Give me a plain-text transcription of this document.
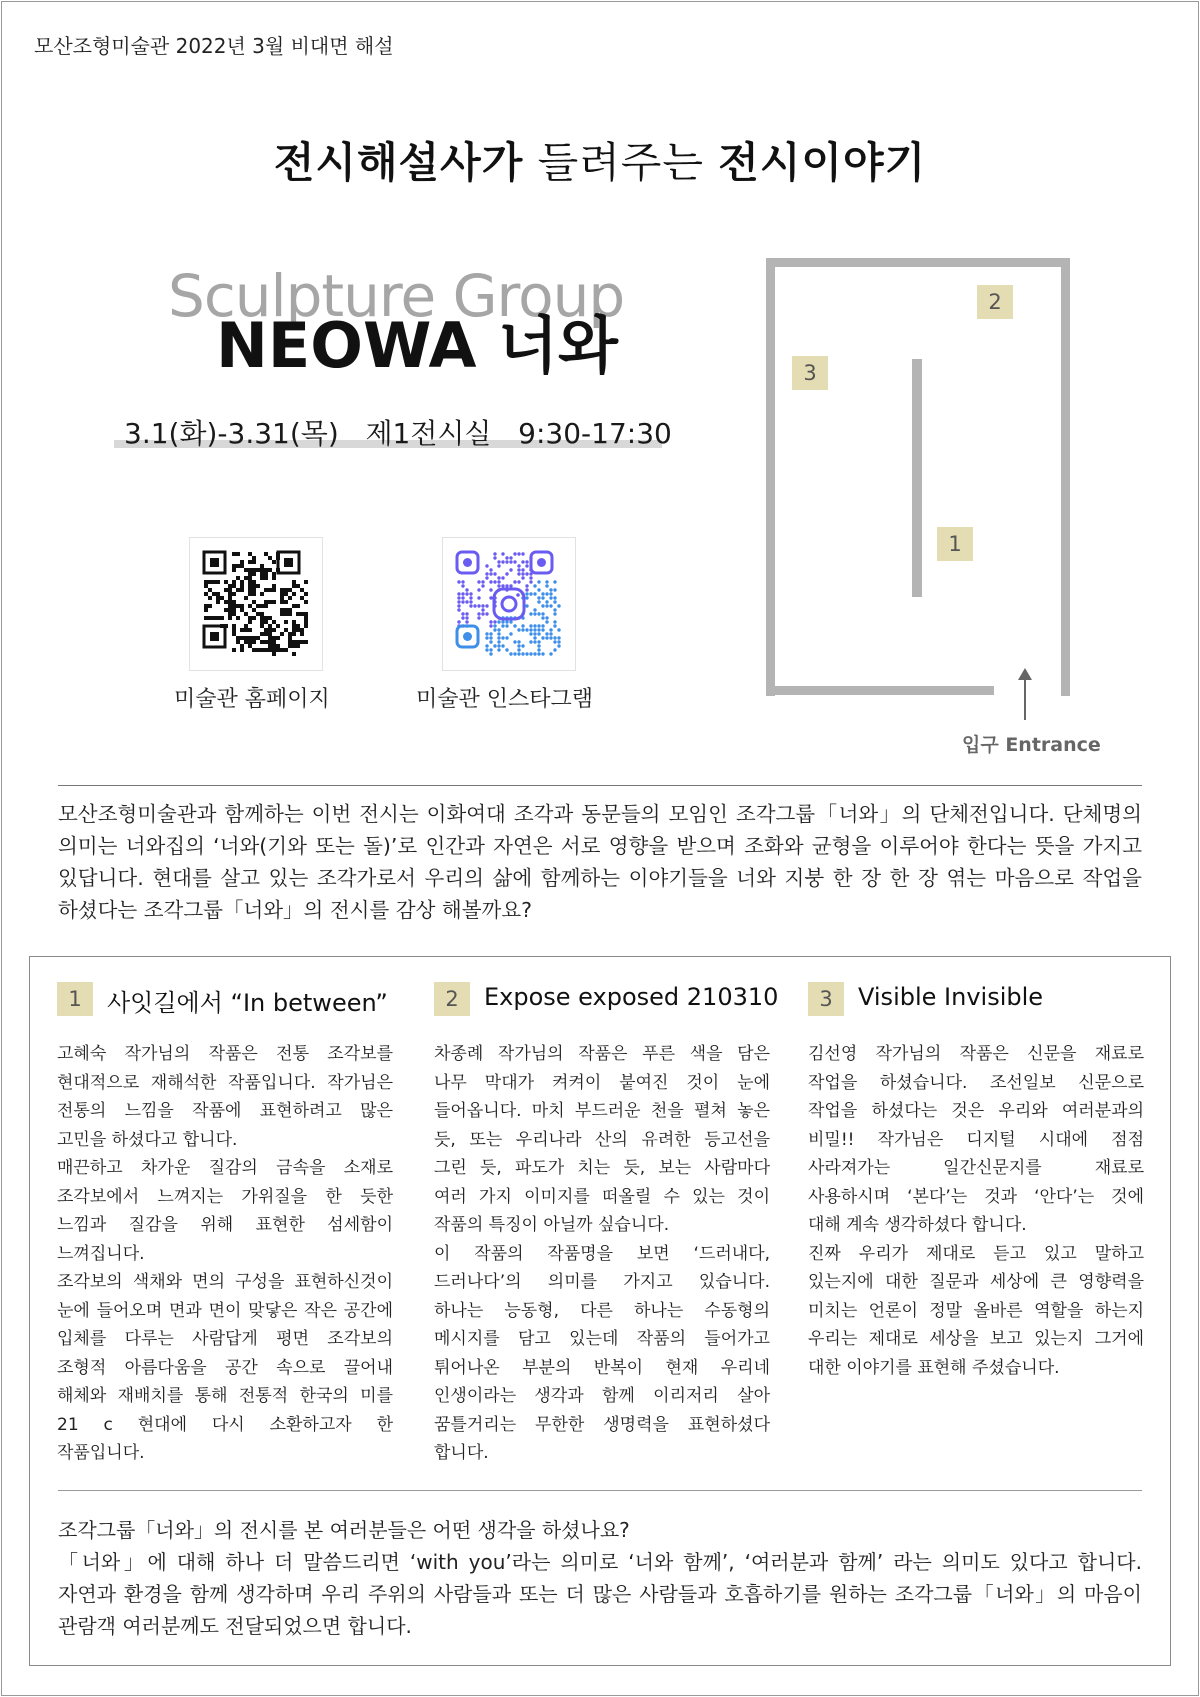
모산조형미술관 2022년 3월 비대면 해설
전시해설사가 들려주는 전시이야기
Sculpture Group
NEOWA 너와
3.1(화)-3.31(목)   제1전시실   9:30-17:30
미술관 홈페이지	미술관 인스타그램
2
3
1
입구 Entrance
모산조형미술관과 함께하는 이번 전시는 이화여대 조각과 동문들의 모임인 조각그룹「너와」의 단체전입니다. 단체명의
의미는 너와집의 ‘너와(기와 또는 돌)’로 인간과 자연은 서로 영향을 받으며 조화와 균형을 이루어야 한다는 뜻을 가지고
있답니다. 현대를 살고 있는 조각가로서 우리의 삶에 함께하는 이야기들을 너와 지붕 한 장 한 장 엮는 마음으로 작업을
하셨다는 조각그룹「너와」의 전시를 감상 해볼까요?
1	사잇길에서 “In between”
고혜숙 작가님의 작품은 전통 조각보를
현대적으로 재해석한 작품입니다. 작가님은
전통의 느낌을 작품에 표현하려고 많은
고민을 하셨다고 합니다.
매끈하고 차가운 질감의 금속을 소재로
조각보에서 느껴지는 가위질을 한 듯한
느낌과 질감을 위해 표현한 섬세함이
느껴집니다.
조각보의 색채와 면의 구성을 표현하신것이
눈에 들어오며 면과 면이 맞닿은 작은 공간에
입체를 다루는 사람답게 평면 조각보의
조형적 아름다움을 공간 속으로 끌어내
해체와 재배치를 통해 전통적 한국의 미를
21 c 현대에 다시 소환하고자 한
작품입니다.
2	Expose exposed 210310
차종례 작가님의 작품은 푸른 색을 담은
나무 막대가 켜켜이 붙여진 것이 눈에
들어옵니다. 마치 부드러운 천을 펼쳐 놓은
듯, 또는 우리나라 산의 유려한 등고선을
그린 듯, 파도가 치는 듯, 보는 사람마다
여러 가지 이미지를 떠올릴 수 있는 것이
작품의 특징이 아닐까 싶습니다.
이 작품의 작품명을 보면 ‘드러내다,
드러나다’의 의미를 가지고 있습니다.
하나는 능동형, 다른 하나는 수동형의
메시지를 담고 있는데 작품의 들어가고
튀어나온 부분의 반복이 현재 우리네
인생이라는 생각과 함께 이리저리 살아
꿈틀거리는 무한한 생명력을 표현하셨다
합니다.
3	Visible Invisible
김선영 작가님의 작품은 신문을 재료로
작업을 하셨습니다. 조선일보 신문으로
작업을 하셨다는 것은 우리와 여러분과의
비밀!! 작가님은 디지털 시대에 점점
사라져가는 일간신문지를 재료로
사용하시며 ‘본다’는 것과 ‘안다’는 것에
대해 계속 생각하셨다 합니다.
진짜 우리가 제대로 듣고 있고 말하고
있는지에 대한 질문과 세상에 큰 영향력을
미치는 언론이 정말 올바른 역할을 하는지
우리는 제대로 세상을 보고 있는지 그거에
대한 이야기를 표현해 주셨습니다.
조각그룹「너와」의 전시를 본 여러분들은 어떤 생각을 하셨나요?
「너와」에 대해 하나 더 말씀드리면 ‘with you’라는 의미로 ‘너와 함께’, ‘여러분과 함께’ 라는 의미도 있다고 합니다.
자연과 환경을 함께 생각하며 우리 주위의 사람들과 또는 더 많은 사람들과 호흡하기를 원하는 조각그룹「너와」의 마음이
관람객 여러분께도 전달되었으면 합니다.
